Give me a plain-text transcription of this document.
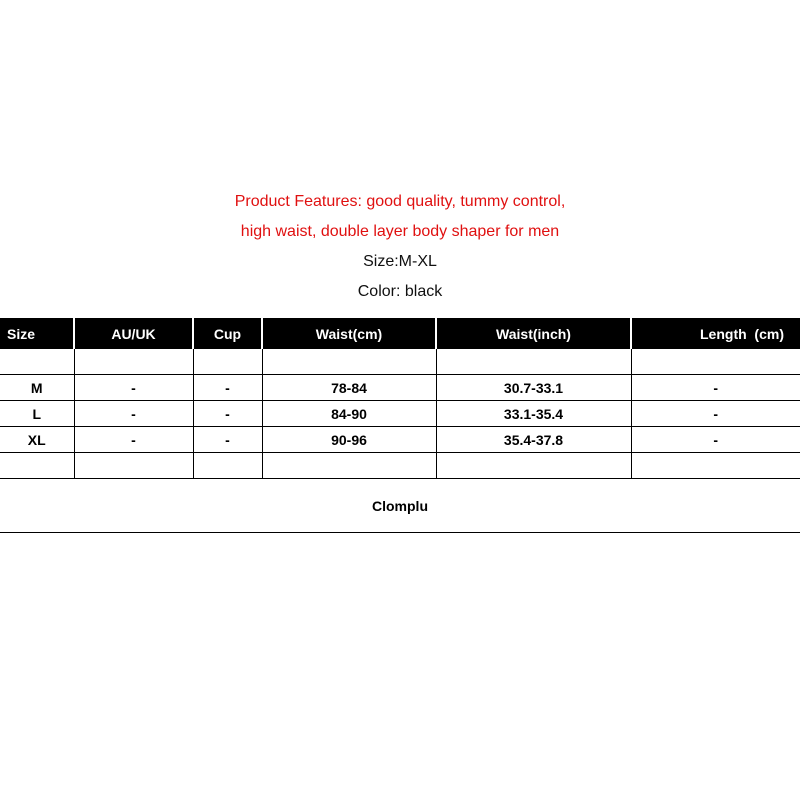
Product Features: good quality, tummy control,
high waist, double layer body shaper for men
Size:M-XL
Color: black
Size	AU/UK	Cup	Waist(cm)	Waist(inch)	Length  (cm)

M	-	-	78-84	30.7-33.1	-
L	-	-	84-90	33.1-35.4	-
XL	-	-	90-96	35.4-37.8	-

Clomplu
